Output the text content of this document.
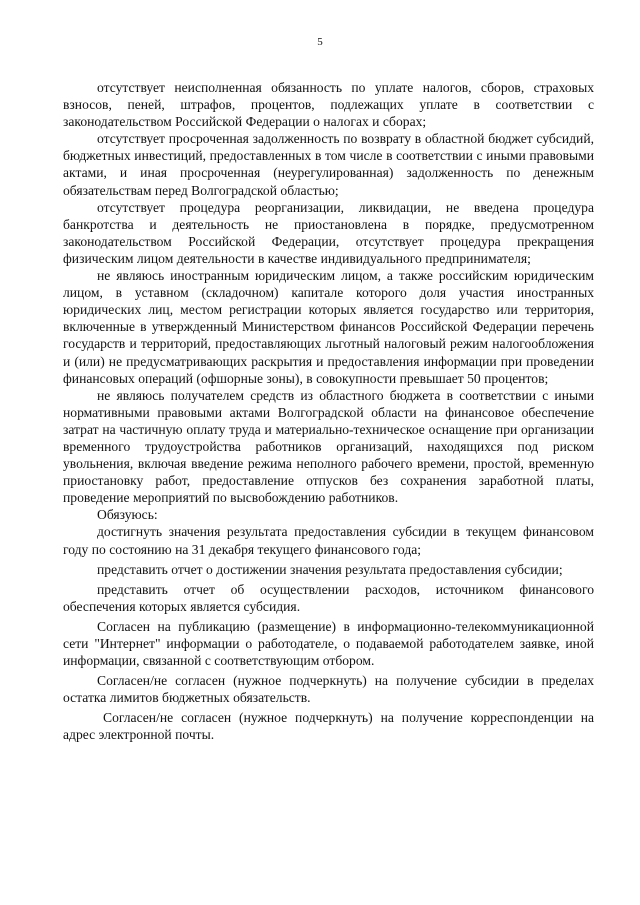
5

отсутствует неисполненная обязанность по уплате налогов, сборов, страховых взносов, пеней, штрафов, процентов, подлежащих уплате в соответствии с законодательством Российской Федерации о налогах и сборах;

отсутствует просроченная задолженность по возврату в областной бюджет субсидий, бюджетных инвестиций, предоставленных в том числе в соответствии с иными правовыми актами, и иная просроченная (неурегулированная) задолженность по денежным обязательствам перед Волгоградской областью;

отсутствует процедура реорганизации, ликвидации, не введена процедура банкротства и деятельность не приостановлена в порядке, предусмотренном законодательством Российской Федерации, отсутствует процедура прекращения физическим лицом деятельности в качестве индивидуального предпринимателя;

не являюсь иностранным юридическим лицом, а также российским юридическим лицом, в уставном (складочном) капитале которого доля участия иностранных юридических лиц, местом регистрации которых является государство или территория, включенные в утвержденный Министерством финансов Российской Федерации перечень государств и территорий, предоставляющих льготный налоговый режим налогообложения и (или) не предусматривающих раскрытия и предоставления информации при проведении финансовых операций (офшорные зоны), в совокупности превышает 50 процентов;

не являюсь получателем средств из областного бюджета в соответствии с иными нормативными правовыми актами Волгоградской области на финансовое обеспечение затрат на частичную оплату труда и материально-техническое оснащение при организации временного трудоустройства работников организаций, находящихся под риском увольнения, включая введение режима неполного рабочего времени, простой, временную приостановку работ, предоставление отпусков без сохранения заработной платы, проведение мероприятий по высвобождению работников.

Обязуюсь:

достигнуть значения результата предоставления субсидии в текущем финансовом году по состоянию на 31 декабря текущего финансового года;

представить отчет о достижении значения результата предоставления субсидии;

представить отчет об осуществлении расходов, источником финансового обеспечения которых является субсидия.

Согласен на публикацию (размещение) в информационно-телекоммуникационной сети "Интернет" информации о работодателе, о подаваемой работодателем заявке, иной информации, связанной с соответствующим отбором.

Согласен/не согласен (нужное подчеркнуть) на получение субсидии в пределах остатка лимитов бюджетных обязательств.

Согласен/не согласен (нужное подчеркнуть) на получение корреспонденции на адрес электронной почты.
